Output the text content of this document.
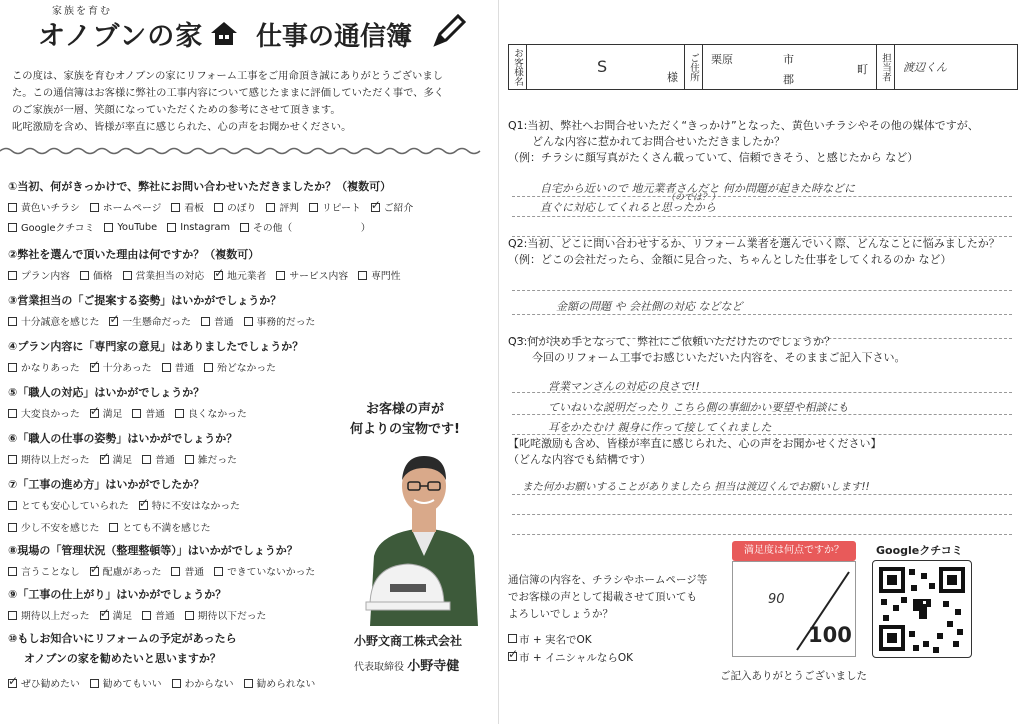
家族を育む
オノブンの家 仕事の通信簿

この度は、家族を育むオノブンの家にリフォーム工事をご用命頂き誠にありがとうございまし

た。この通信簿はお客様に弊社の工事内容について感じたままに評価していただく事で、多く

のご家族が一層、笑顔になっていただくための参考にさせて頂きます。

叱咤激励を含め、皆様が率直に感じられた、心の声をお聞かせください。

①当初、何がきっかけで、弊社にお問い合わせいただきましたか？（複数可）
黄色いチラシ ホームページ 看板 のぼり 評判 リピート ✓ ご紹介
Googleクチコミ YouTube Instagram その他（　　　　　　　）
②弊社を選んで頂いた理由は何ですか？（複数可）
プラン内容 価格 営業担当の対応 ✓ 地元業者 サービス内容 専門性
③営業担当の「ご提案する姿勢」はいかがでしょうか？
十分誠意を感じた ✓ 一生懸命だった 普通 事務的だった
④プラン内容に「専門家の意見」はありましたでしょうか？
かなりあった ✓ 十分あった 普通 殆どなかった
⑤「職人の対応」はいかがでしょうか？
大変良かった ✓ 満足 普通 良くなかった
⑥「職人の仕事の姿勢」はいかがでしょうか？
期待以上だった ✓ 満足 普通 雑だった
⑦「工事の進め方」はいかがでしたか？
とても安心していられた ✓ 特に不安はなかった
少し不安を感じた とても不満を感じた
⑧現場の「管理状況（整理整頓等）」はいかがでしょうか？
言うことなし ✓ 配慮があった 普通 できていないかった
⑨「工事の仕上がり」はいかがでしょうか？
期待以上だった ✓ 満足 普通 期待以下だった
⑩もしお知合いにリフォームの予定があったら
オノブンの家を勧めたいと思いますか？
✓
ぜひ勧めたい 勧めてもいい わからない 勧められない
お客様の声が
何よりの宝物です!
小野文商工株式会社
代表取締役 小野寺健
お客様名	S
様 ご住所 栗原	市
郡
町 担当者 渡辺くん
Q1:当初、弊社へお問合せいただく“きっかけ”となった、黄色いチラシやその他の媒体ですが、
どんな内容に惹かれてお問合せいただきましたか？
（例：チラシに顔写真がたくさん載っていて、信頼できそう、と感じたから など）
自宅から近いので 地元業者さんだと 何か問題が起きた時などに
直ぐに対応してくれると思ったから
（のでは？）
Q2:当初、どこに問い合わせするか、リフォーム業者を選んでいく際、どんなことに悩みましたか？
（例：どこの会社だったら、金額に見合った、ちゃんとした仕事をしてくれるのか など）
金額の問題 や 会社側の対応 などなど
Q3:何が決め手となって、弊社にご依頼いただけたのでしょうか？
今回のリフォーム工事でお感じいただいた内容を、そのままご記入下さい。
営業マンさんの対応の良さで!!
ていねいな説明だったり こちら側の事細かい要望や相談にも
耳をかたむけ 親身に作って接してくれました
【叱咤激励も含め、皆様が率直に感じられた、心の声をお聞かせください】
（どんな内容でも結構です）
また何かお願いすることがありましたら 担当は渡辺くんでお願いします!!
通信簿の内容を、チラシやホームページ等
でお客様の声として掲載させて頂いても
よろしいでしょうか？
市 + 実名でOK
✓市 + イニシャルならOK
満足度は何点ですか？
90
100
Googleクチコミ
ご記入ありがとうございました
